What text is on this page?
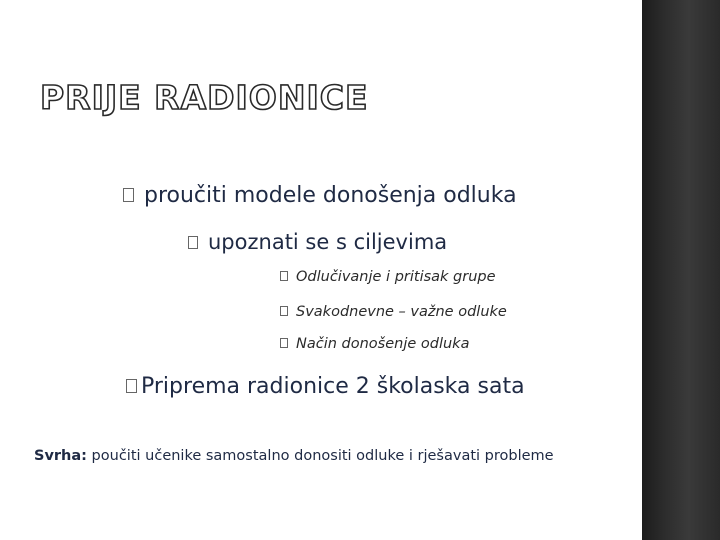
PRIJE RADIONICE
proučiti modele donošenja odluka
upoznati se s ciljevima
Odlučivanje i pritisak grupe
Svakodnevne – važne odluke
Način donošenje odluka
Priprema radionice 2 školaska sata
Svrha: poučiti učenike samostalno donositi odluke i rješavati probleme
